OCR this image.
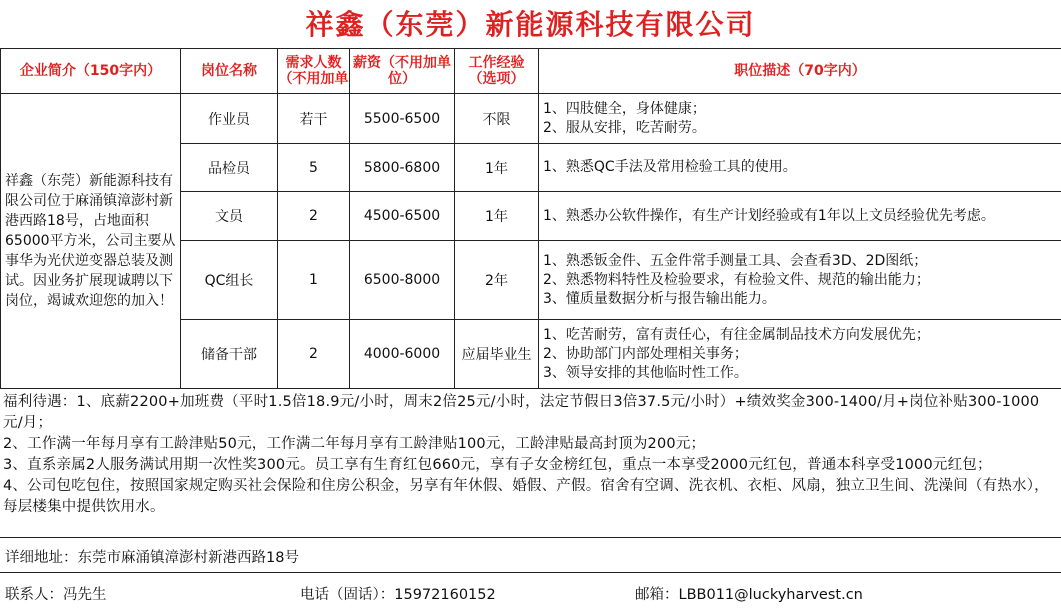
祥鑫（东莞）新能源科技有限公司
企业简介（150字内）	岗位名称	需求人数（不用加单	薪资（不用加单位）	工作经验（选项）	职位描述（70字内）
祥鑫（东莞）新能源科技有限公司位于麻涌镇漳澎村新港西路18号，占地面积65000平方米，公司主要从事华为光伏逆变器总装及测试。因业务扩展现诚聘以下岗位，竭诚欢迎您的加入！	作业员	若干	5500-6500	不限	1、四肢健全，身体健康；
2、服从安排，吃苦耐劳。

	品检员	5	5800-6800	1年	1、熟悉QC手法及常用检验工具的使用。

	文员	2	4500-6500	1年	1、熟悉办公软件操作，有生产计划经验或有1年以上文员经验优先考虑。

	QC组长	1	6500-8000	2年	1、熟悉钣金件、五金件常手测量工具、会查看3D、2D图纸；
2、熟悉物料特性及检验要求，有检验文件、规范的输出能力；
3、懂质量数据分析与报告输出能力。

	储备干部	2	4000-6000	应届毕业生	1、吃苦耐劳，富有责任心，有往金属制品技术方向发展优先；
2、协助部门内部处理相关事务；
3、领导安排的其他临时性工作。
福利待遇：1、底薪2200+加班费（平时1.5倍18.9元/小时，周末2倍25元/小时，法定节假日3倍37.5元/小时）+绩效奖金300-1400/月+岗位补贴300-1000元/月；
2、工作满一年每月享有工龄津贴50元，工作满二年每月享有工龄津贴100元，工龄津贴最高封顶为200元；
3、直系亲属2人服务满试用期一次性奖300元。员工享有生育红包660元，享有子女金榜红包，重点一本享受2000元红包，普通本科享受1000元红包；
4、公司包吃包住，按照国家规定购买社会保险和住房公积金，另享有年休假、婚假、产假。宿舍有空调、洗衣机、衣柜、风扇，独立卫生间、洗澡间（有热水），每层楼集中提供饮用水。
详细地址：东莞市麻涌镇漳澎村新港西路18号
联系人：冯先生	电话（固话）：15972160152	邮箱：LBB011@luckyharvest.cn
